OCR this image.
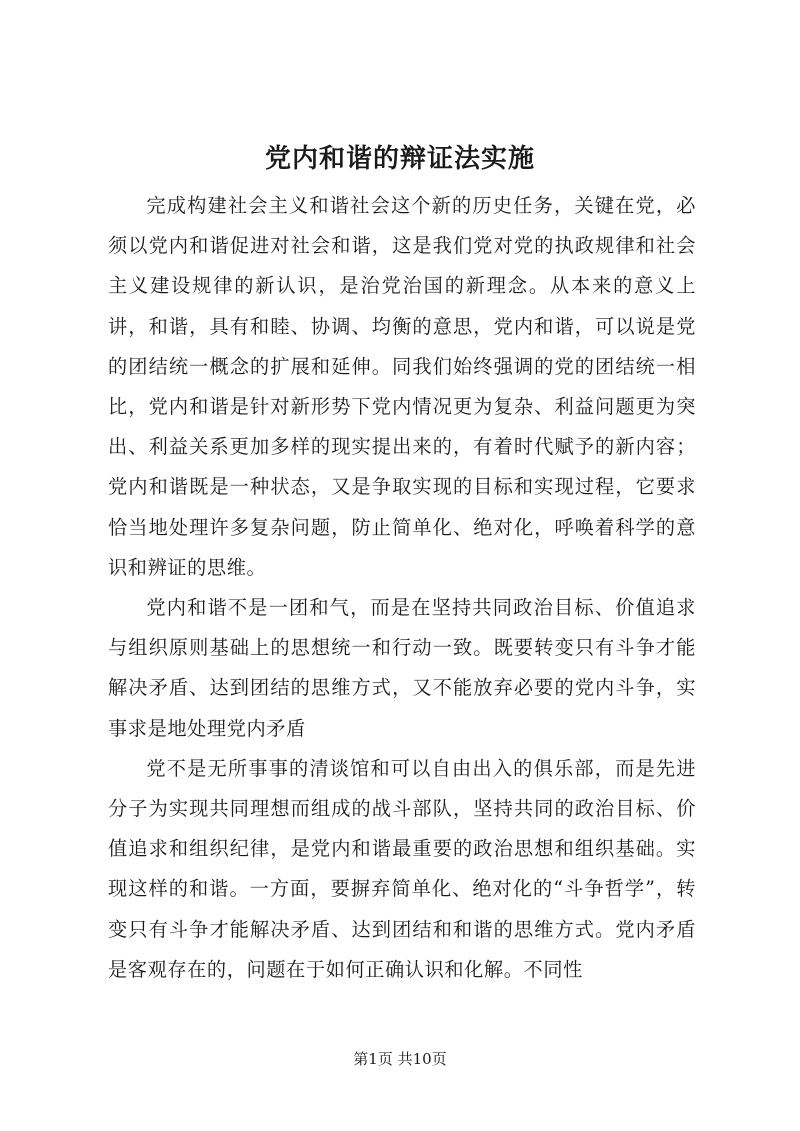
党内和谐的辩证法实施

完成构建社会主义和谐社会这个新的历史任务，关键在党，必须以党内和谐促进对社会和谐，这是我们党对党的执政规律和社会主义建设规律的新认识，是治党治国的新理念。从本来的意义上讲，和谐，具有和睦、协调、均衡的意思，党内和谐，可以说是党的团结统一概念的扩展和延伸。同我们始终强调的党的团结统一相比，党内和谐是针对新形势下党内情况更为复杂、利益问题更为突出、利益关系更加多样的现实提出来的，有着时代赋予的新内容；党内和谐既是一种状态，又是争取实现的目标和实现过程，它要求恰当地处理许多复杂问题，防止简单化、绝对化，呼唤着科学的意识和辨证的思维。

党内和谐不是一团和气，而是在坚持共同政治目标、价值追求与组织原则基础上的思想统一和行动一致。既要转变只有斗争才能解决矛盾、达到团结的思维方式，又不能放弃必要的党内斗争，实事求是地处理党内矛盾

党不是无所事事的清谈馆和可以自由出入的俱乐部，而是先进分子为实现共同理想而组成的战斗部队，坚持共同的政治目标、价值追求和组织纪律，是党内和谐最重要的政治思想和组织基础。实现这样的和谐。一方面，要摒弃简单化、绝对化的“斗争哲学”，转变只有斗争才能解决矛盾、达到团结和和谐的思维方式。党内矛盾是客观存在的，问题在于如何正确认识和化解。不同性

第1页 共10页
